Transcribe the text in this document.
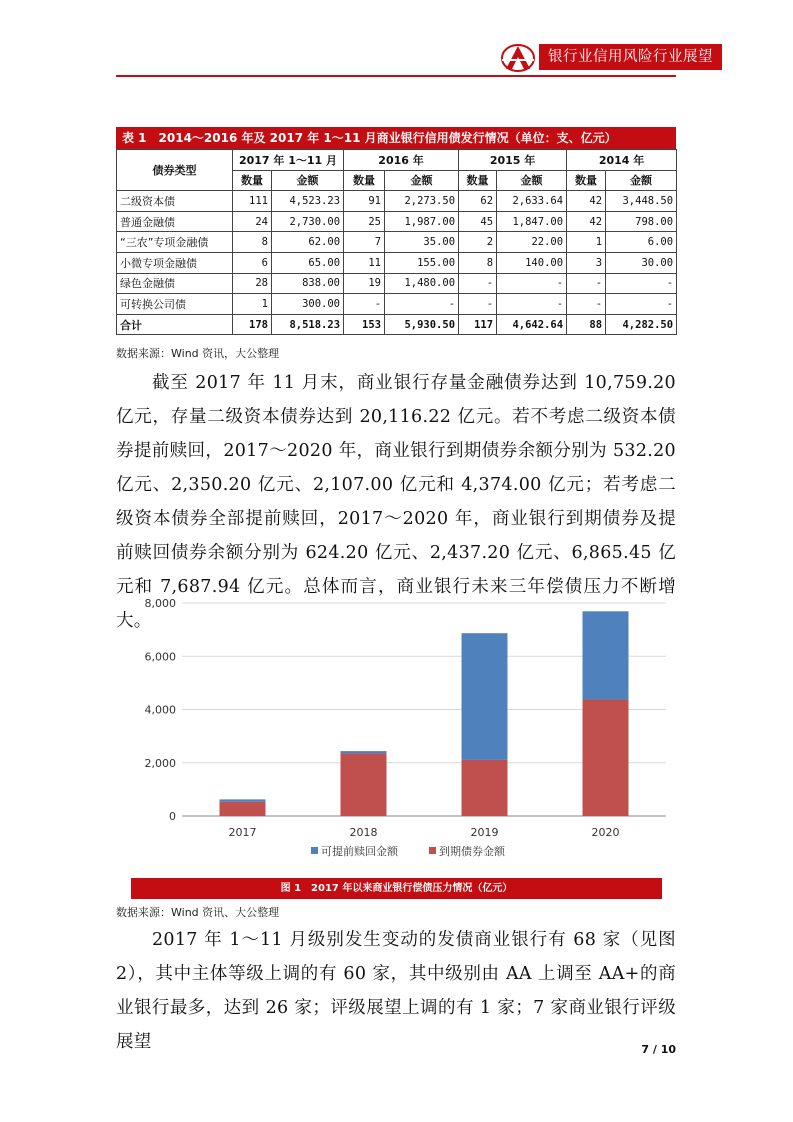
银行业信用风险行业展望
表 1　2014～2016 年及 2017 年 1～11 月商业银行信用债发行情况（单位：支、亿元）
债券类型	2017 年 1～11 月		2016 年		2015 年		2014 年	
	数量	金额	数量	金额	数量	金额	数量	金额
二级资本债	111	4,523.23	91	2,273.50	62	2,633.64	42	3,448.50
普通金融债	24	2,730.00	25	1,987.00	45	1,847.00	42	798.00
“三农”专项金融债	8	62.00	7	35.00	2	22.00	1	6.00
小微专项金融债	6	65.00	11	155.00	8	140.00	3	30.00
绿色金融债	28	838.00	19	1,480.00	-	-	-	-
可转换公司债	1	300.00	-	-	-	-	-	-
合计	178	8,518.23	153	5,930.50	117	4,642.64	88	4,282.50
数据来源：Wind 资讯，大公整理

截至 2017 年 11 月末，商业银行存量金融债券达到 10,759.20 亿元，存量二级资本债券达到 20,116.22 亿元。若不考虑二级资本债券提前赎回，2017～2020 年，商业银行到期债券余额分别为 532.20 亿元、2,350.20 亿元、2,107.00 亿元和 4,374.00 亿元；若考虑二级资本债券全部提前赎回，2017～2020 年，商业银行到期债券及提前赎回债券余额分别为 624.20 亿元、2,437.20 亿元、6,865.45 亿元和 7,687.94 亿元。总体而言，商业银行未来三年偿债压力不断增大。

0
2,000
4,000
6,000
8,000
2017	2018	2019	2020
可提前赎回金额	到期债券金额
图 1　2017 年以来商业银行偿债压力情况（亿元）
数据来源：Wind 资讯、大公整理

2017 年 1～11 月级别发生变动的发债商业银行有 68 家（见图 2），其中主体等级上调的有 60 家，其中级别由 AA 上调至 AA+的商业银行最多，达到 26 家；评级展望上调的有 1 家；7 家商业银行评级展望	7 / 10
